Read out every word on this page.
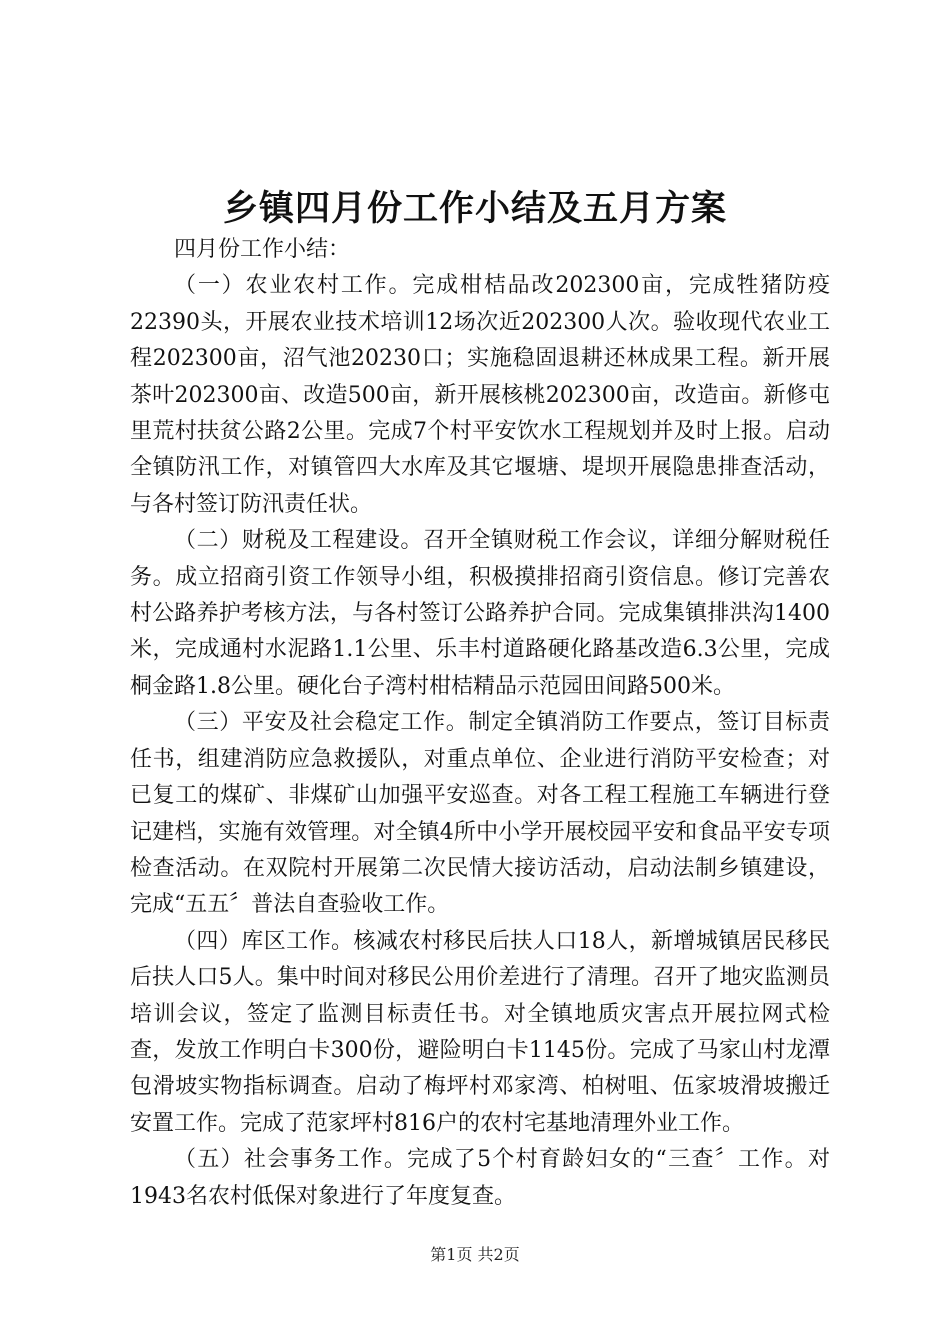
乡镇四月份工作小结及五月方案

四月份工作小结：

（一）农业农村工作。完成柑桔品改202300亩，完成牲猪防疫22390头，开展农业技术培训12场次近202300人次。验收现代农业工程202300亩，沼气池20230口；实施稳固退耕还林成果工程。新开展茶叶202300亩、改造500亩，新开展核桃202300亩，改造亩。新修屯里荒村扶贫公路2公里。完成7个村平安饮水工程规划并及时上报。启动全镇防汛工作，对镇管四大水库及其它堰塘、堤坝开展隐患排查活动，与各村签订防汛责任状。

（二）财税及工程建设。召开全镇财税工作会议，详细分解财税任务。成立招商引资工作领导小组，积极摸排招商引资信息。修订完善农村公路养护考核方法，与各村签订公路养护合同。完成集镇排洪沟1400米，完成通村水泥路1.1公里、乐丰村道路硬化路基改造6.3公里，完成桐金路1.8公里。硬化台子湾村柑桔精品示范园田间路500米。

（三）平安及社会稳定工作。制定全镇消防工作要点，签订目标责任书，组建消防应急救援队，对重点单位、企业进行消防平安检查；对已复工的煤矿、非煤矿山加强平安巡查。对各工程工程施工车辆进行登记建档，实施有效管理。对全镇4所中小学开展校园平安和食品平安专项检查活动。在双院村开展第二次民情大接访活动，启动法制乡镇建设，完成“五五〞普法自查验收工作。

（四）库区工作。核减农村移民后扶人口18人，新增城镇居民移民后扶人口5人。集中时间对移民公用价差进行了清理。召开了地灾监测员培训会议，签定了监测目标责任书。对全镇地质灾害点开展拉网式检查，发放工作明白卡300份，避险明白卡1145份。完成了马家山村龙潭包滑坡实物指标调查。启动了梅坪村邓家湾、柏树咀、伍家坡滑坡搬迁安置工作。完成了范家坪村816户的农村宅基地清理外业工作。

（五）社会事务工作。完成了5个村育龄妇女的“三查〞工作。对1943名农村低保对象进行了年度复查。

第1页 共2页
